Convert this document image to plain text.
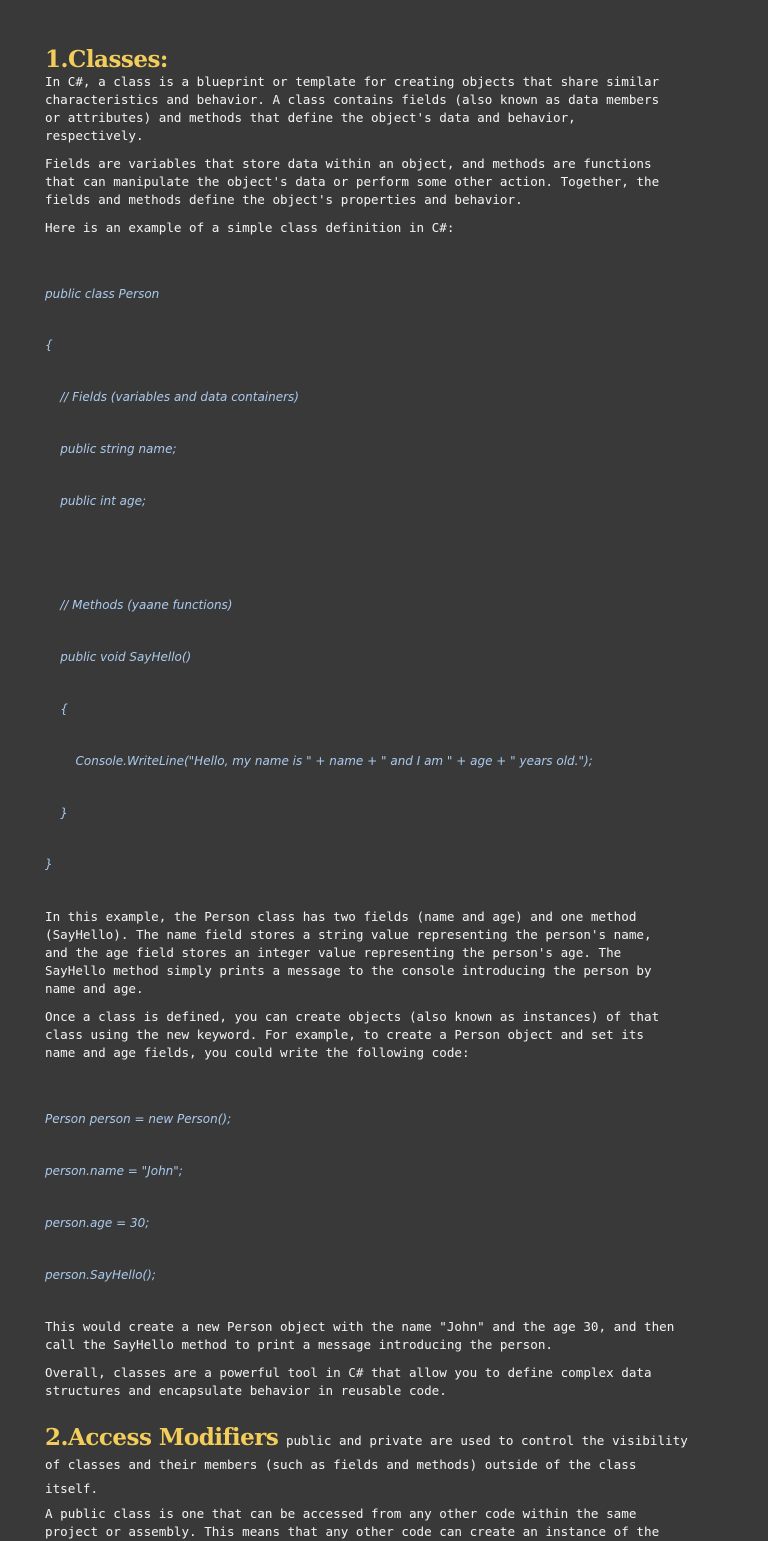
1.Classes:

In C#, a class is a blueprint or template for creating objects that share similar
characteristics and behavior. A class contains fields (also known as data members
or attributes) and methods that define the object's data and behavior,
respectively.

Fields are variables that store data within an object, and methods are functions
that can manipulate the object's data or perform some other action. Together, the
fields and methods define the object's properties and behavior.

Here is an example of a simple class definition in C#:

public class Person

{

// Fields (variables and data containers)

public string name;

public int age;

// Methods (yaane functions)

public void SayHello()

{

Console.WriteLine("Hello, my name is " + name + " and I am " + age + " years old.");

}

}

In this example, the Person class has two fields (name and age) and one method
(SayHello). The name field stores a string value representing the person's name,
and the age field stores an integer value representing the person's age. The
SayHello method simply prints a message to the console introducing the person by
name and age.

Once a class is defined, you can create objects (also known as instances) of that
class using the new keyword. For example, to create a Person object and set its
name and age fields, you could write the following code:

Person person = new Person();

person.name = "John";

person.age = 30;

person.SayHello();

This would create a new Person object with the name "John" and the age 30, and then
call the SayHello method to print a message introducing the person.

Overall, classes are a powerful tool in C# that allow you to define complex data
structures and encapsulate behavior in reusable code.

2.Access Modifiers public and private are used to control the visibility
of classes and their members (such as fields and methods) outside of the class
itself.

A public class is one that can be accessed from any other code within the same
project or assembly. This means that any other code can create an instance of the
